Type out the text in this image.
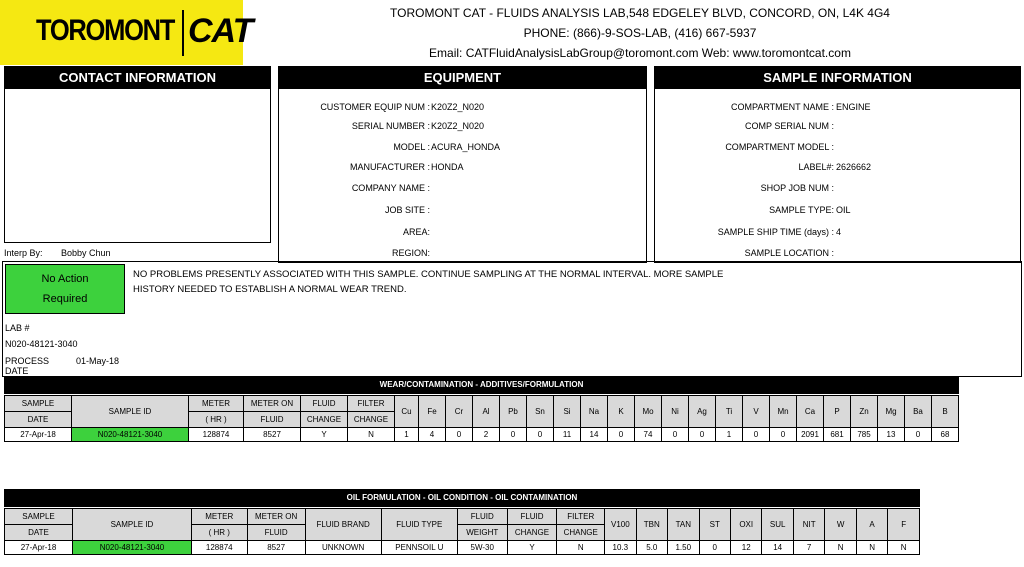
TOROMONT CAT	TOROMONT CAT - FLUIDS ANALYSIS LAB,548 EDGELEY BLVD, CONCORD, ON, L4K 4G4
PHONE: (866)-9-SOS-LAB, (416) 667-5937
Email: CATFluidAnalysisLabGroup@toromont.com Web: www.toromontcat.com
CONTACT INFORMATION
Interp By: Bobby Chun
EQUIPMENT
CUSTOMER EQUIP NUM : K20Z2_N020
SERIAL NUMBER : K20Z2_N020
MODEL : ACURA_HONDA
MANUFACTURER : HONDA
COMPANY NAME :
JOB SITE :
AREA:
REGION:
SAMPLE INFORMATION
COMPARTMENT NAME : ENGINE
COMP SERIAL NUM :
COMPARTMENT MODEL :
LABEL#: 2626662
SHOP JOB NUM :
SAMPLE TYPE: OIL
SAMPLE SHIP TIME (days) : 4
SAMPLE LOCATION :
No Action
Required
NO PROBLEMS PRESENTLY ASSOCIATED WITH THIS SAMPLE. CONTINUE SAMPLING AT THE NORMAL INTERVAL. MORE SAMPLE
HISTORY NEEDED TO ESTABLISH A NORMAL WEAR TREND.
LAB #
N020-48121-3040
PROCESS
DATE
01-May-18
WEAR/CONTAMINATION - ADDITIVES/FORMULATION
SAMPLE	SAMPLE ID	METER	METER ON	FLUID	FILTER	Cu	Fe	Cr	Al	Pb	Sn	Si	Na	K	Mo	Ni	Ag	Ti	V	Mn	Ca	P	Zn	Mg	Ba	B
DATE		( HR )	FLUID	CHANGE	CHANGE																					
27-Apr-18	N020-48121-3040	128874	8527	Y	N	1	4	0	2	0	0	11	14	0	74	0	0	1	0	0	2091	681	785	13	0	68
OIL FORMULATION - OIL CONDITION - OIL CONTAMINATION
SAMPLE	SAMPLE ID	METER	METER ON	FLUID BRAND	FLUID TYPE	FLUID	FLUID	FILTER	V100	TBN	TAN	ST	OXI	SUL	NIT	W	A	F
DATE		( HR )	FLUID			WEIGHT	CHANGE	CHANGE										
27-Apr-18	N020-48121-3040	128874	8527	UNKNOWN	PENNSOIL U	5W-30	Y	N	10.3	5.0	1.50	0	12	14	7	N	N	N
